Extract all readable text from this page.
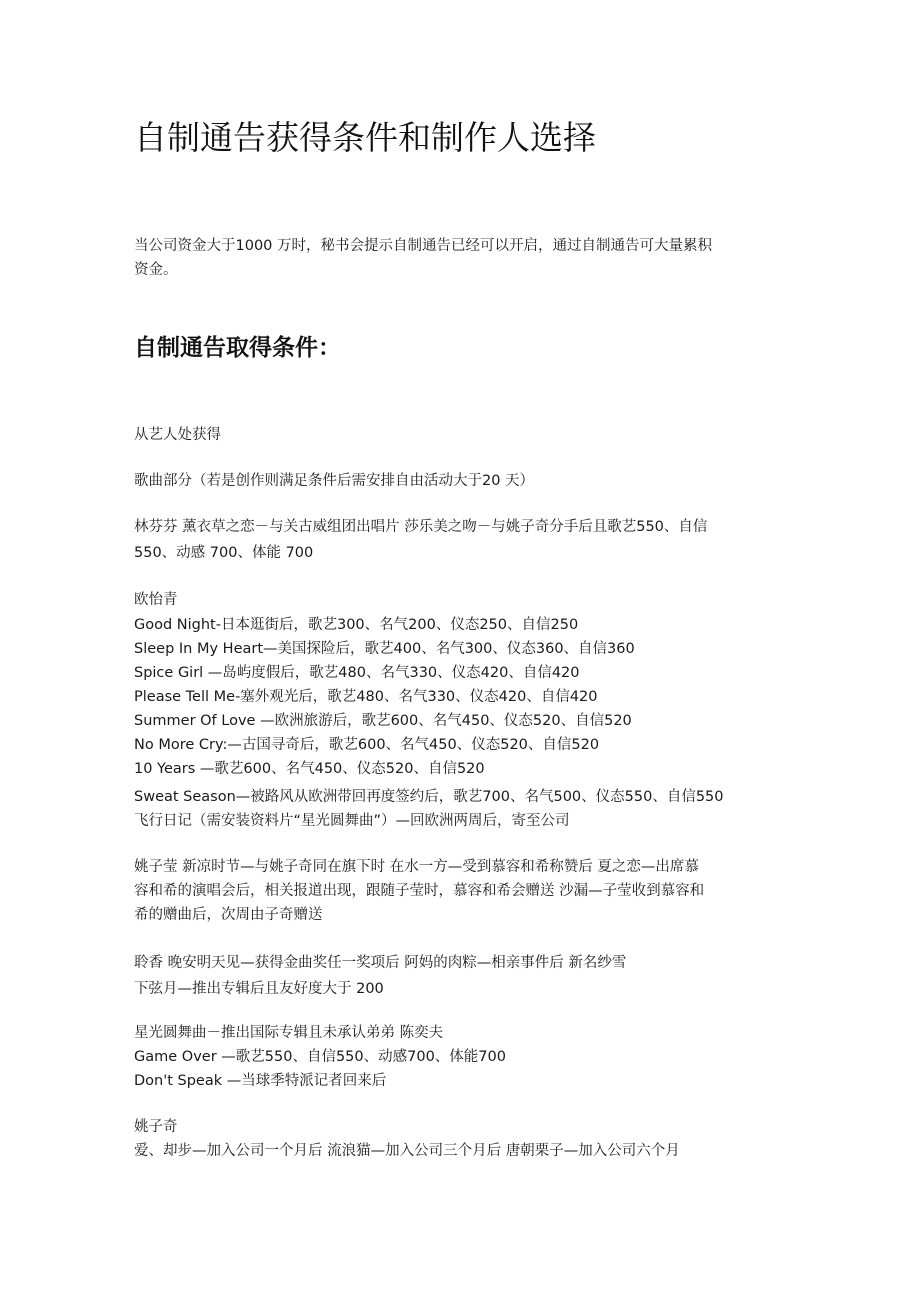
自制通告获得条件和制作人选择
当公司资金大于1000 万时，秘书会提示自制通告已经可以开启，通过自制通告可大量累积
资金。
自制通告取得条件：
从艺人处获得
歌曲部分（若是创作则满足条件后需安排自由活动大于20 天）
林芬芬 薰衣草之恋－与关古威组团出唱片 莎乐美之吻－与姚子奇分手后且歌艺550、自信
550、动感 700、体能 700
欧怡青
Good Night-日本逛街后，歌艺300、名气200、仪态250、自信250
Sleep In My Heart—美国探险后，歌艺400、名气300、仪态360、自信360
Spice Girl —岛屿度假后，歌艺480、名气330、仪态420、自信420
Please Tell Me-塞外观光后，歌艺480、名气330、仪态420、自信420
Summer Of Love —欧洲旅游后，歌艺600、名气450、仪态520、自信520
No More Cry:—古国寻奇后，歌艺600、名气450、仪态520、自信520
10 Years —歌艺600、名气450、仪态520、自信520
Sweat Season—被路风从欧洲带回再度签约后，歌艺700、名气500、仪态550、自信550
飞行日记（需安装资料片“星光圆舞曲”）—回欧洲两周后，寄至公司
姚子莹 新凉时节—与姚子奇同在旗下时 在水一方—受到慕容和希称赞后 夏之恋—出席慕
容和希的演唱会后，相关报道出现，跟随子莹时，慕容和希会赠送 沙漏—子莹收到慕容和
希的赠曲后，次周由子奇赠送
聆香 晚安明天见—获得金曲奖任一奖项后 阿妈的肉粽—相亲事件后 新名纱雪
下弦月—推出专辑后且友好度大于 200
星光圆舞曲－推出国际专辑且未承认弟弟 陈奕夫
Game Over —歌艺550、自信550、动感700、体能700
Don't Speak —当球季特派记者回来后
姚子奇
爱、却步—加入公司一个月后 流浪猫—加入公司三个月后 唐朝栗子—加入公司六个月
